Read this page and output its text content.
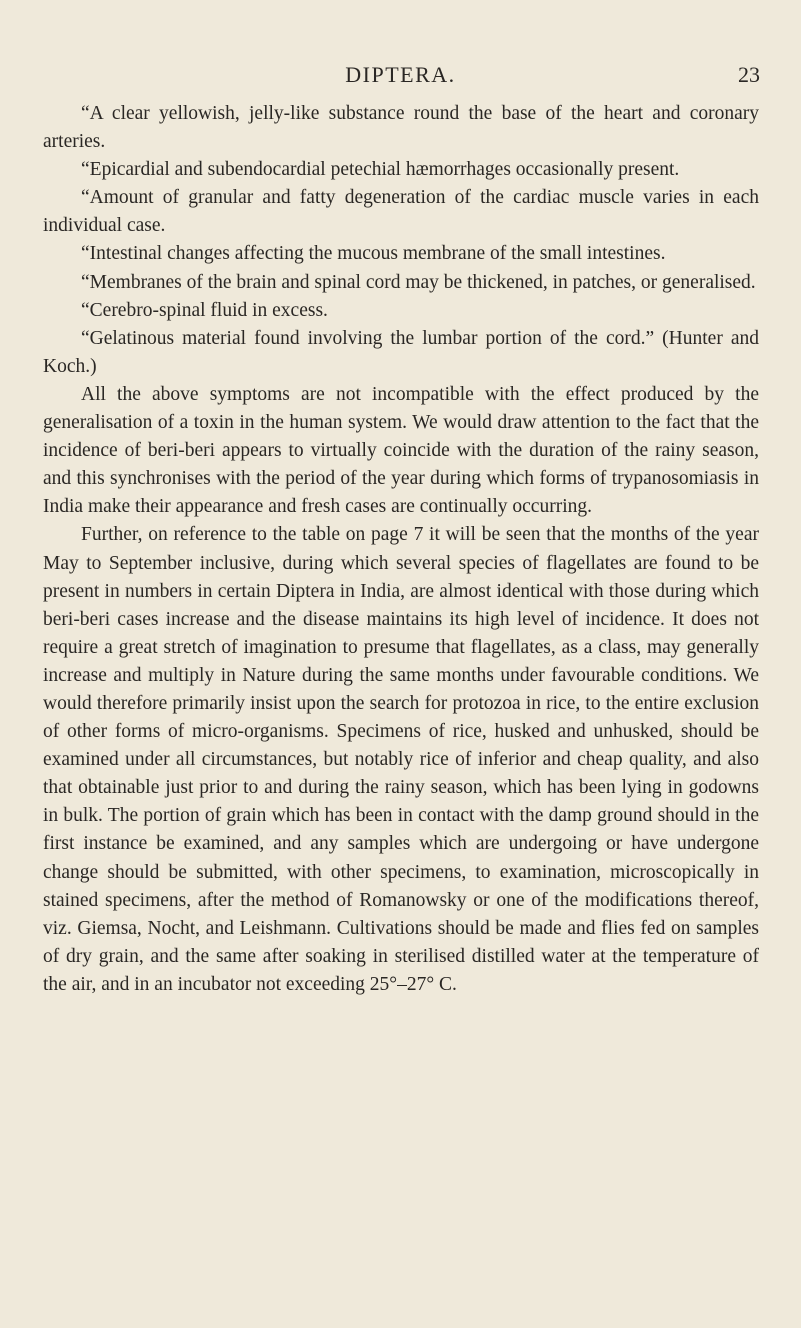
DIPTERA.	23

“A clear yellowish, jelly-like substance round the base of the heart and coronary arteries.

“Epicardial and subendocardial petechial hæmorrhages occasionally present.

“Amount of granular and fatty degeneration of the cardiac muscle varies in each individual case.

“Intestinal changes affecting the mucous membrane of the small intestines.

“Membranes of the brain and spinal cord may be thickened, in patches, or generalised.

“Cerebro-spinal fluid in excess.

“Gelatinous material found involving the lumbar portion of the cord.” (Hunter and Koch.)

All the above symptoms are not incompatible with the effect produced by the generalisation of a toxin in the human system. We would draw attention to the fact that the incidence of beri-beri appears to virtually coincide with the duration of the rainy season, and this synchronises with the period of the year during which forms of trypanosomiasis in India make their appearance and fresh cases are continually occurring.

Further, on reference to the table on page 7 it will be seen that the months of the year May to September inclusive, during which several species of flagellates are found to be present in numbers in certain Diptera in India, are almost identical with those during which beri-beri cases increase and the disease maintains its high level of incidence. It does not require a great stretch of imagination to presume that flagellates, as a class, may generally increase and multiply in Nature during the same months under favourable conditions. We would therefore primarily insist upon the search for protozoa in rice, to the entire exclusion of other forms of micro-organisms. Specimens of rice, husked and unhusked, should be examined under all circumstances, but notably rice of inferior and cheap quality, and also that obtainable just prior to and during the rainy season, which has been lying in godowns in bulk. The portion of grain which has been in contact with the damp ground should in the first instance be examined, and any samples which are undergoing or have undergone change should be submitted, with other specimens, to examination, microscopically in stained specimens, after the method of Romanowsky or one of the modifications thereof, viz. Giemsa, Nocht, and Leishmann. Cultivations should be made and flies fed on samples of dry grain, and the same after soaking in sterilised distilled water at the temperature of the air, and in an incubator not exceeding 25°–27° C.
